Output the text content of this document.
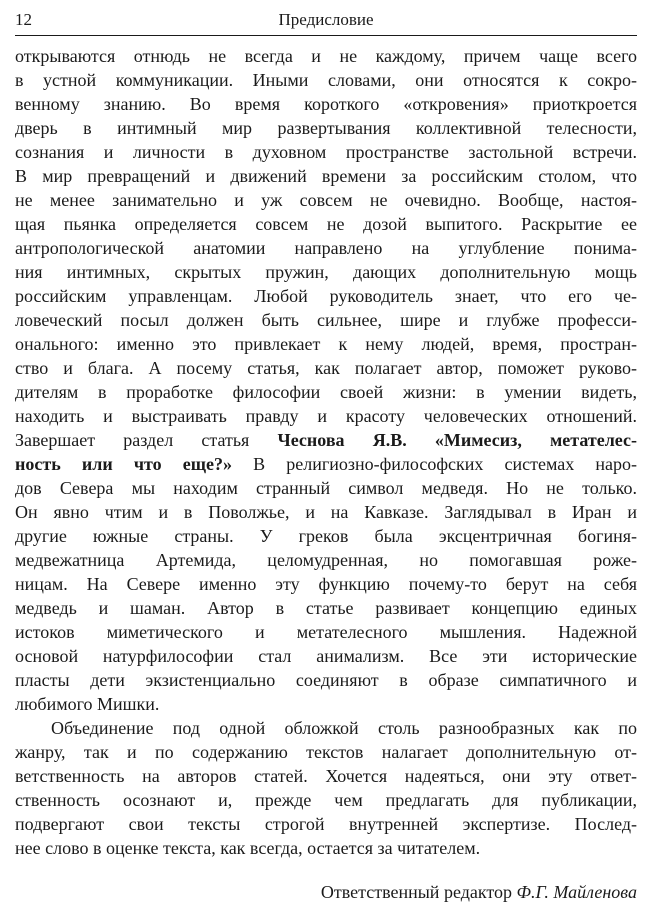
12	Предисловие
открываются отнюдь не всегда и не каждому, причем чаще всего
в устной коммуникации. Иными словами, они относятся к сокро-
венному знанию. Во время короткого «откровения» приоткроется
дверь в интимный мир развертывания коллективной телесности,
сознания и личности в духовном пространстве застольной встречи.
В мир превращений и движений времени за российским столом, что
не менее занимательно и уж совсем не очевидно. Вообще, настоя-
щая пьянка определяется совсем не дозой выпитого. Раскрытие ее
антропологической анатомии направлено на углубление понима-
ния интимных, скрытых пружин, дающих дополнительную мощь
российским управленцам. Любой руководитель знает, что его че-
ловеческий посыл должен быть сильнее, шире и глубже професси-
онального: именно это привлекает к нему людей, время, простран-
ство и блага. А посему статья, как полагает автор, поможет руково-
дителям в проработке философии своей жизни: в умении видеть,
находить и выстраивать правду и красоту человеческих отношений.
Завершает раздел статья Чеснова Я.В. «Мимесиз, метателес-
ность или что еще?» В религиозно-философских системах наро-
дов Севера мы находим странный символ медведя. Но не только.
Он явно чтим и в Поволжье, и на Кавказе. Заглядывал в Иран и
другие южные страны. У греков была эксцентричная богиня-
медвежатница Артемида, целомудренная, но помогавшая роже-
ницам. На Севере именно эту функцию почему-то берут на себя
медведь и шаман. Автор в статье развивает концепцию единых
истоков миметического и метателесного мышления. Надежной
основой натурфилософии стал анимализм. Все эти исторические
пласты дети экзистенциально соединяют в образе симпатичного и
любимого Мишки.
Объединение под одной обложкой столь разнообразных как по
жанру, так и по содержанию текстов налагает дополнительную от-
ветственность на авторов статей. Хочется надеяться, они эту ответ-
ственность осознают и, прежде чем предлагать для публикации,
подвергают свои тексты строгой внутренней экспертизе. Послед-
нее слово в оценке текста, как всегда, остается за читателем.
Ответственный редактор Ф.Г. Майленова
